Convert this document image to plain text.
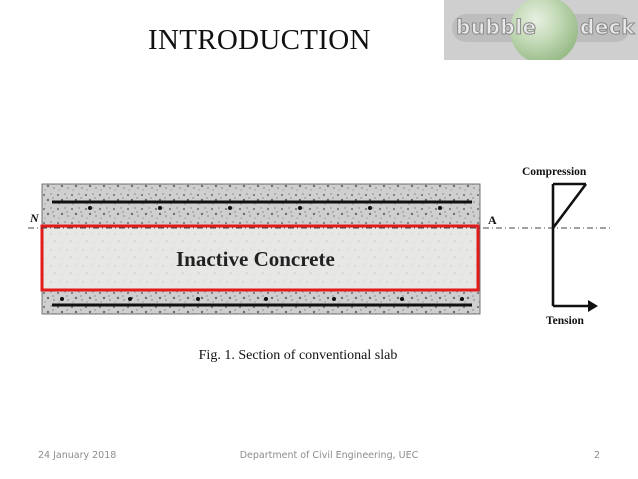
INTRODUCTION	bubble deck
N	A
Inactive Concrete
Compression
Tension
Fig. 1. Section of conventional slab
24 January 2018	Department of Civil Engineering, UEC	2
